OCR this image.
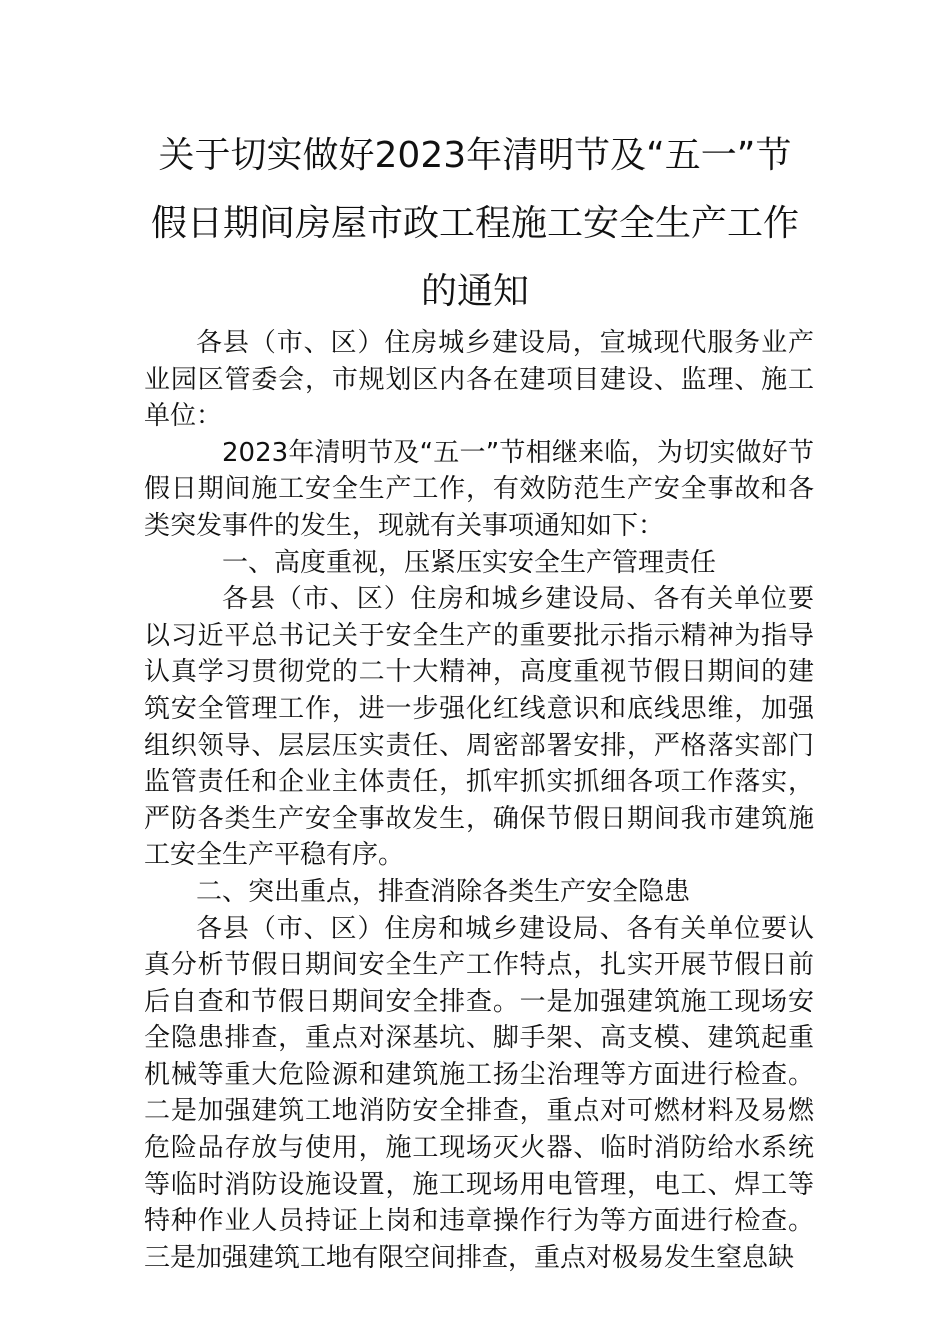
关于切实做好2023年清明节及“五一”节
假日期间房屋市政工程施工安全生产工作
的通知

各县（市、区）住房城乡建设局，宣城现代服务业产业园区管委会，市规划区内各在建项目建设、监理、施工单位：

2023年清明节及“五一”节相继来临，为切实做好节假日期间施工安全生产工作，有效防范生产安全事故和各类突发事件的发生，现就有关事项通知如下：

一、高度重视，压紧压实安全生产管理责任

各县（市、区）住房和城乡建设局、各有关单位要以习近平总书记关于安全生产的重要批示指示精神为指导认真学习贯彻党的二十大精神，高度重视节假日期间的建筑安全管理工作，进一步强化红线意识和底线思维，加强组织领导、层层压实责任、周密部署安排，严格落实部门监管责任和企业主体责任，抓牢抓实抓细各项工作落实，严防各类生产安全事故发生，确保节假日期间我市建筑施工安全生产平稳有序。

二、突出重点，排查消除各类生产安全隐患

各县（市、区）住房和城乡建设局、各有关单位要认真分析节假日期间安全生产工作特点，扎实开展节假日前后自查和节假日期间安全排查。一是加强建筑施工现场安全隐患排查，重点对深基坑、脚手架、高支模、建筑起重机械等重大危险源和建筑施工扬尘治理等方面进行检查。二是加强建筑工地消防安全排查，重点对可燃材料及易燃危险品存放与使用，施工现场灭火器、临时消防给水系统等临时消防设施设置，施工现场用电管理，电工、焊工等特种作业人员持证上岗和违章操作行为等方面进行检查。三是加强建筑工地有限空间排查，重点对极易发生窒息缺
